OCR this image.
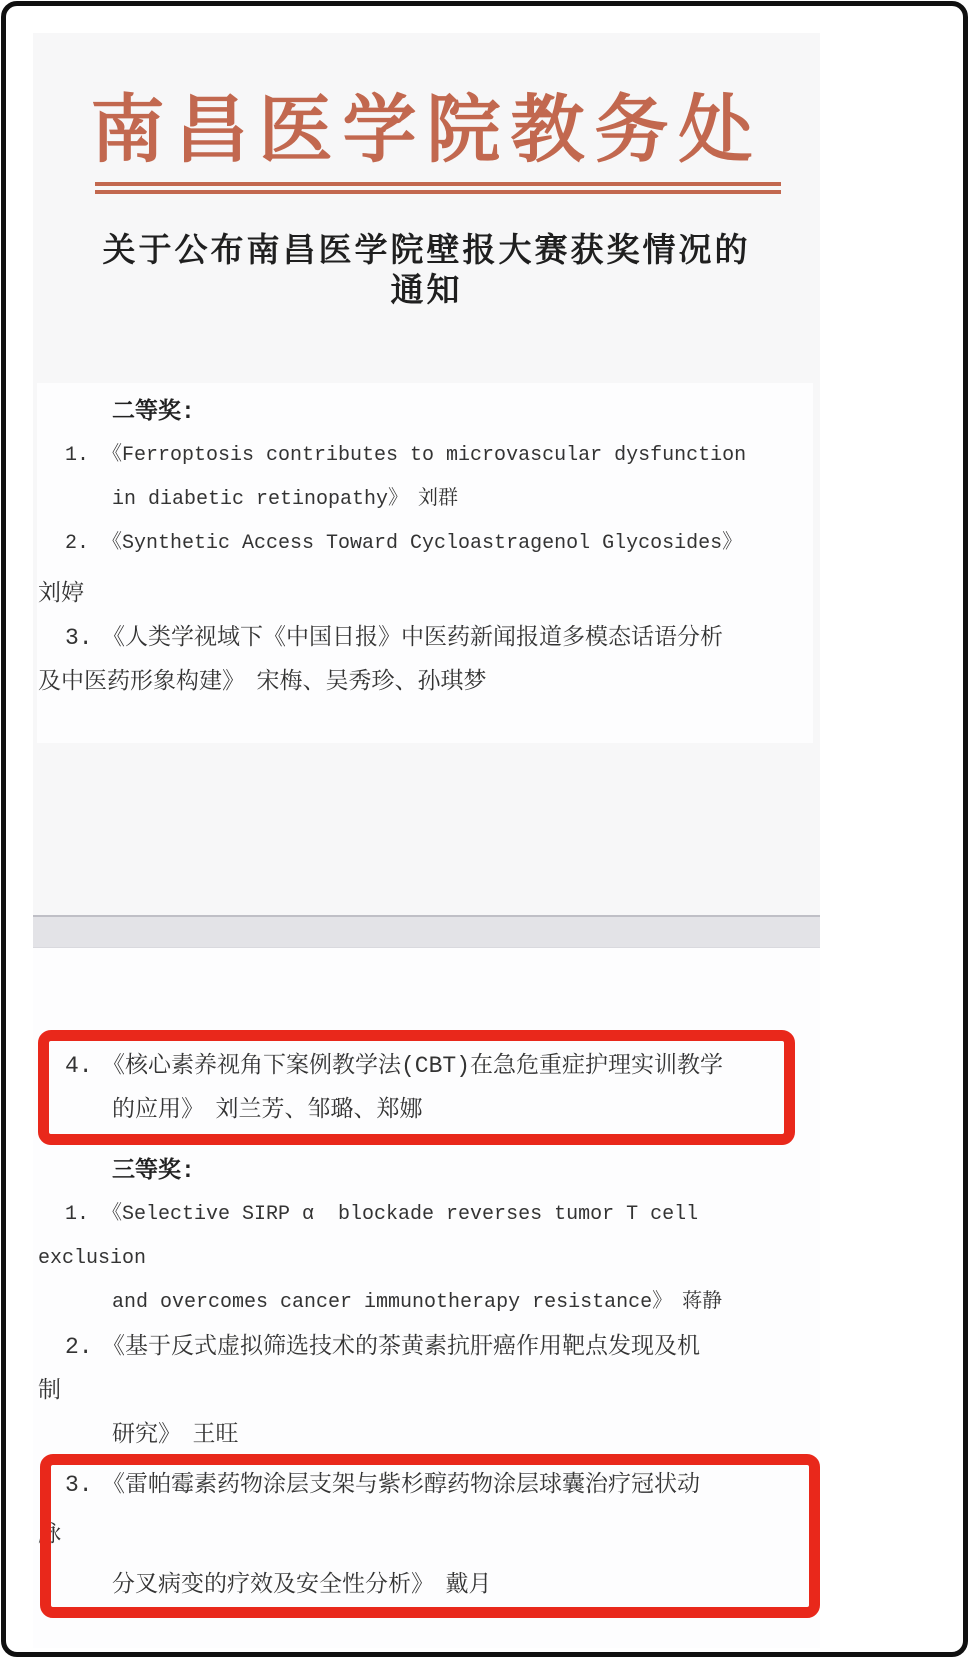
南昌医学院教务处
关于公布南昌医学院壁报大赛获奖情况的
通知
二等奖:
1. 《Ferroptosis contributes to microvascular dysfunction
in diabetic retinopathy》　刘群
2. 《Synthetic Access Toward Cycloastragenol Glycosides》
刘婷
3. 《人类学视域下《中国日报》中医药新闻报道多模态话语分析
及中医药形象构建》　宋梅、吴秀珍、孙琪梦
4. 《核心素养视角下案例教学法(CBT)在急危重症护理实训教学
的应用》　刘兰芳、邹璐、郑娜
三等奖:
1. 《Selective SIRP α  blockade reverses tumor T cell
exclusion
and overcomes cancer immunotherapy resistance》　蒋静
2. 《基于反式虚拟筛选技术的茶黄素抗肝癌作用靶点发现及机
制
研究》　王旺
3. 《雷帕霉素药物涂层支架与紫杉醇药物涂层球囊治疗冠状动
脉
分叉病变的疗效及安全性分析》　戴月
